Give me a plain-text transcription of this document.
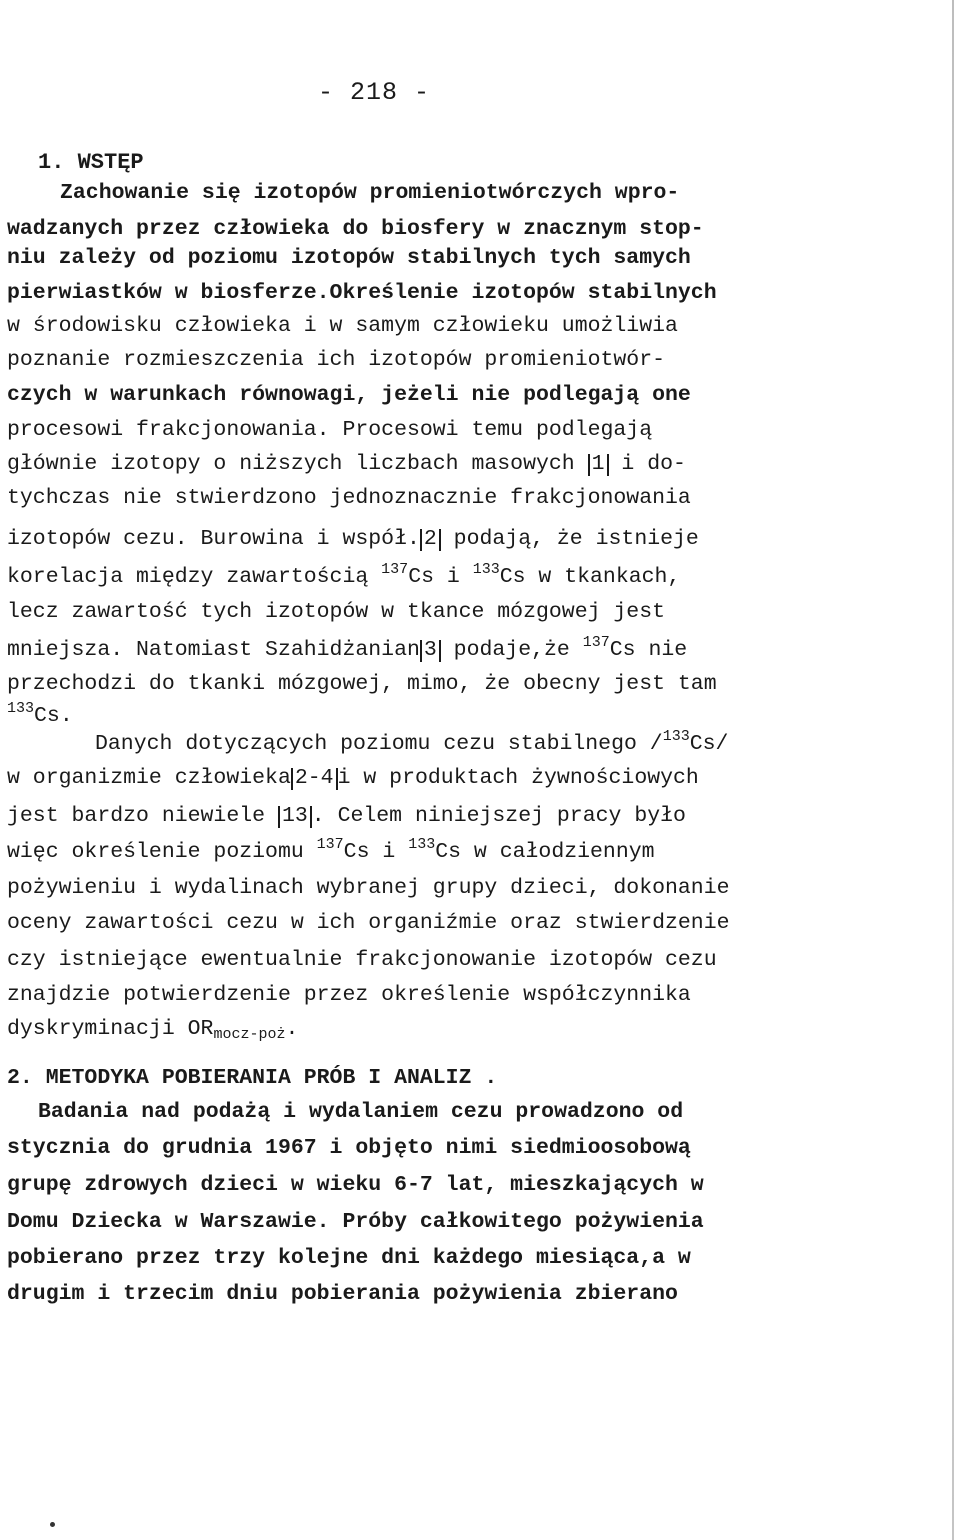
- 218 -
1. WSTĘP
Zachowanie się izotopów promieniotwórczych wpro-
wadzanych przez człowieka do biosfery w znacznym stop-
niu zależy od poziomu izotopów stabilnych tych samych
pierwiastków w biosferze.Określenie izotopów stabilnych
w środowisku człowieka i w samym człowieku umożliwia
poznanie rozmieszczenia ich izotopów promieniotwór-
czych w warunkach równowagi, jeżeli nie podlegają one
procesowi frakcjonowania. Procesowi temu podlegają
głównie izotopy o niższych liczbach masowych 1 i do-
tychczas nie stwierdzono jednoznacznie frakcjonowania
izotopów cezu. Burowina i współ. 2 podają, że istnieje
korelacja między zawartością $^{137}$Cs i $^{133}$Cs w tkankach,
lecz zawartość tych izotopów w tkance mózgowej jest
mniejsza. Natomiast Szahidżanian 3 podaje,że $^{137}$Cs nie
przechodzi do tkanki mózgowej, mimo, że obecny jest tam
$^{133}$Cs.
Danych dotyczących poziomu cezu stabilnego /$^{133}$Cs/
w organizmie człowieka 2-4 i w produktach żywnościowych
jest bardzo niewiele 13 . Celem niniejszej pracy było
więc określenie poziomu $^{137}$Cs i $^{133}$Cs w całodziennym
pożywieniu i wydalinach wybranej grupy dzieci, dokonanie
oceny zawartości cezu w ich organiźmie oraz stwierdzenie
czy istniejące ewentualnie frakcjonowanie izotopów cezu
znajdzie potwierdzenie przez określenie współczynnika
dyskryminacji $OR_{mocz-poż}$.
2. METODYKA POBIERANIA PRÓB I ANALIZ .
Badania nad podażą i wydalaniem cezu prowadzono od
stycznia do grudnia 1967 i objęto nimi siedmioosobową
grupę zdrowych dzieci w wieku 6-7 lat, mieszkających w
Domu Dziecka w Warszawie. Próby całkowitego pożywienia
pobierano przez trzy kolejne dni każdego miesiąca,a w
drugim i trzecim dniu pobierania pożywienia zbierano
